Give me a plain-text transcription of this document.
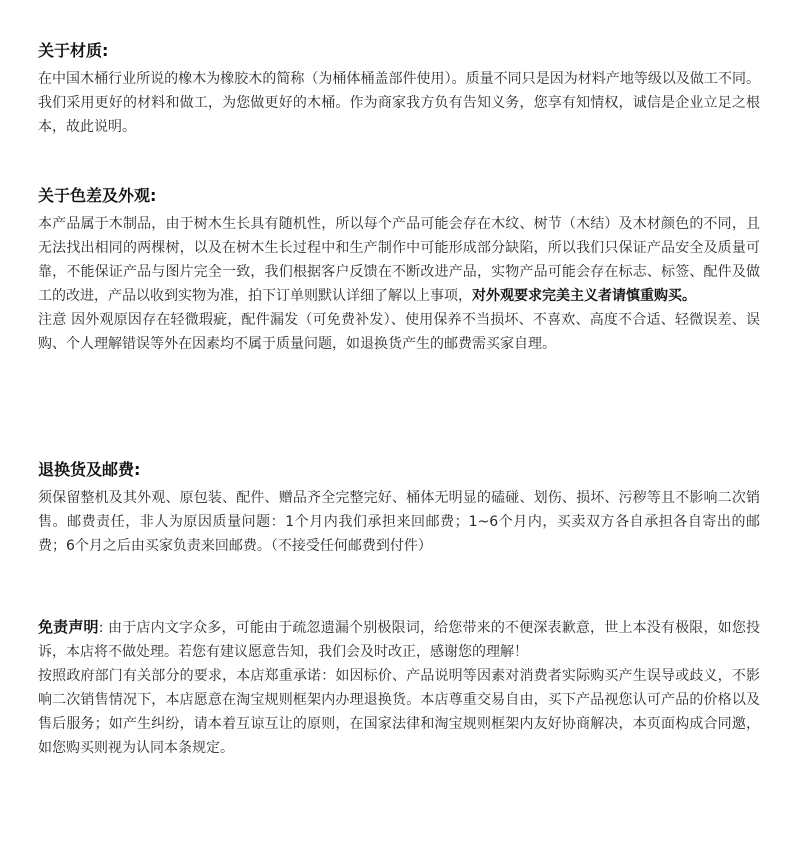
关于材质:

在中国木桶行业所说的橡木为橡胶木的简称（为桶体桶盖部件使用）。质量不同只是因为材料产地等级以及做工不同。我们采用更好的材料和做工，为您做更好的木桶。作为商家我方负有告知义务，您享有知情权，诚信是企业立足之根本，故此说明。

关于色差及外观:

本产品属于木制品，由于树木生长具有随机性，所以每个产品可能会存在木纹、树节（木结）及木材颜色的不同，且无法找出相同的两棵树，以及在树木生长过程中和生产制作中可能形成部分缺陷，所以我们只保证产品安全及质量可靠，不能保证产品与图片完全一致，我们根据客户反馈在不断改进产品，实物产品可能会存在标志、标签、配件及做工的改进，产品以收到实物为准，拍下订单则默认详细了解以上事项，对外观要求完美主义者请慎重购买。

注意 因外观原因存在轻微瑕疵，配件漏发（可免费补发）、使用保养不当损坏、不喜欢、高度不合适、轻微误差、误购、个人理解错误等外在因素均不属于质量问题，如退换货产生的邮费需买家自理。

退换货及邮费:

须保留整机及其外观、原包装、配件、赠品齐全完整完好、桶体无明显的磕碰、划伤、损坏、污秽等且不影响二次销售。邮费责任，非人为原因质量问题：1个月内我们承担来回邮费；1~6个月内，买卖双方各自承担各自寄出的邮费；6个月之后由买家负责来回邮费。（不接受任何邮费到付件）

免责声明: 由于店内文字众多，可能由于疏忽遗漏个别极限词，给您带来的不便深表歉意，世上本没有极限，如您投诉，本店将不做处理。若您有建议愿意告知，我们会及时改正，感谢您的理解！

按照政府部门有关部分的要求，本店郑重承诺：如因标价、产品说明等因素对消费者实际购买产生误导或歧义，不影响二次销售情况下，本店愿意在淘宝规则框架内办理退换货。本店尊重交易自由，买下产品视您认可产品的价格以及售后服务；如产生纠纷，请本着互谅互让的原则，在国家法律和淘宝规则框架内友好协商解决，本页面构成合同邀，如您购买则视为认同本条规定。
